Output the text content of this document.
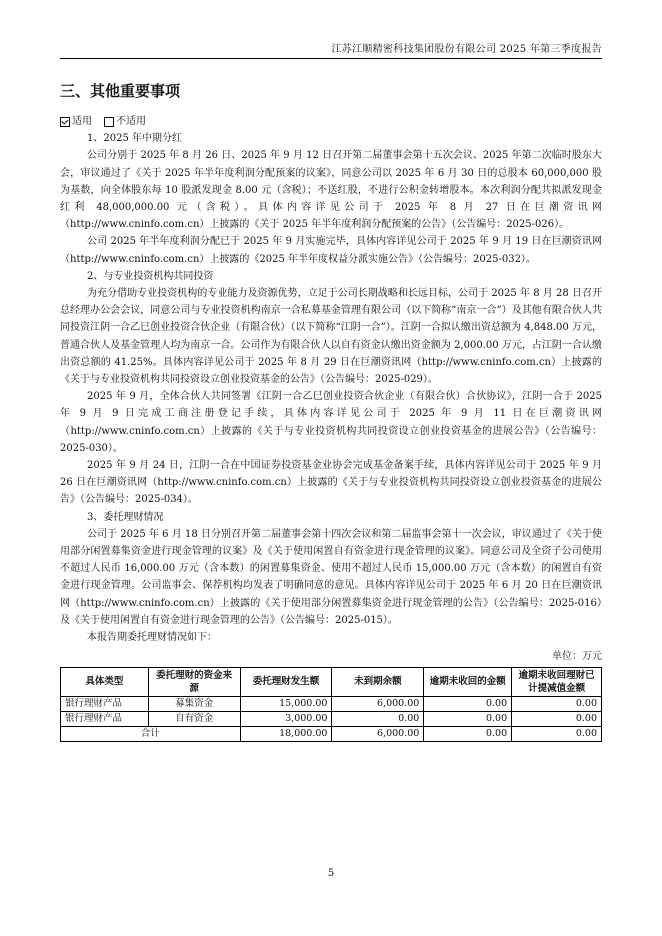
江苏江顺精密科技集团股份有限公司 2025 年第三季度报告
三、其他重要事项
适用 不适用

1、2025 年中期分红

公司分别于 2025 年 8 月 26 日、2025 年 9 月 12 日召开第二届董事会第十五次会议、2025 年第二次临时股东大会，审议通过了《关于 2025 年半年度利润分配预案的议案》，同意公司以 2025 年 6 月 30 日的总股本 60,000,000 股为基数，向全体股东每 10 股派发现金 8.00 元（含税）；不送红股，不进行公积金转增股本。本次利润分配共拟派发现金红利 48,000,000.00 元（含税）。具体内容详见公司于 2025 年 8 月 27 日在巨潮资讯网（http://www.cninfo.com.cn）上披露的《关于 2025 年半年度利润分配预案的公告》（公告编号：2025-026）。

公司 2025 年半年度利润分配已于 2025 年 9 月实施完毕，具体内容详见公司于 2025 年 9 月 19 日在巨潮资讯网（http://www.cninfo.com.cn）上披露的《2025 年半年度权益分派实施公告》（公告编号：2025-032）。

2、与专业投资机构共同投资

为充分借助专业投资机构的专业能力及资源优势，立足于公司长期战略和长远目标，公司于 2025 年 8 月 28 日召开总经理办公会会议，同意公司与专业投资机构南京一合私募基金管理有限公司（以下简称“南京一合”）及其他有限合伙人共同投资江阴一合乙巳创业投资合伙企业（有限合伙）（以下简称“江阴一合”）。江阴一合拟认缴出资总额为 4,848.00 万元，普通合伙人及基金管理人均为南京一合。公司作为有限合伙人以自有资金认缴出资金额为 2,000.00 万元，占江阴一合认缴出资总额的 41.25%。具体内容详见公司于 2025 年 8 月 29 日在巨潮资讯网（http://www.cninfo.com.cn）上披露的《关于与专业投资机构共同投资设立创业投资基金的公告》（公告编号：2025-029）。

2025 年 9 月，全体合伙人共同签署《江阴一合乙巳创业投资合伙企业（有限合伙）合伙协议》，江阴一合于 2025 年 9 月 9 日完成工商注册登记手续，具体内容详见公司于 2025 年 9 月 11 日在巨潮资讯网（http://www.cninfo.com.cn）上披露的《关于与专业投资机构共同投资设立创业投资基金的进展公告》（公告编号：2025-030）。

2025 年 9 月 24 日，江阴一合在中国证券投资基金业协会完成基金备案手续，具体内容详见公司于 2025 年 9 月 26 日在巨潮资讯网（http://www.cninfo.com.cn）上披露的《关于与专业投资机构共同投资设立创业投资基金的进展公告》（公告编号：2025-034）。

3、委托理财情况

公司于 2025 年 6 月 18 日分别召开第二届董事会第十四次会议和第二届监事会第十一次会议，审议通过了《关于使用部分闲置募集资金进行现金管理的议案》及《关于使用闲置自有资金进行现金管理的议案》。同意公司及全资子公司使用不超过人民币 16,000.00 万元（含本数）的闲置募集资金、使用不超过人民币 15,000.00 万元（含本数）的闲置自有资金进行现金管理。公司监事会、保荐机构均发表了明确同意的意见。具体内容详见公司于 2025 年 6 月 20 日在巨潮资讯网（http://www.cninfo.com.cn）上披露的《关于使用部分闲置募集资金进行现金管理的公告》（公告编号：2025-016）及《关于使用闲置自有资金进行现金管理的公告》（公告编号：2025-015）。

本报告期委托理财情况如下：

单位：万元
具体类型	委托理财的资金来源	委托理财发生额	未到期余额	逾期未收回的金额	逾期未收回理财已计提减值金额
银行理财产品	募集资金	15,000.00	6,000.00	0.00	0.00
银行理财产品	自有资金	3,000.00	0.00	0.00	0.00
合计		18,000.00	6,000.00	0.00	0.00
5
